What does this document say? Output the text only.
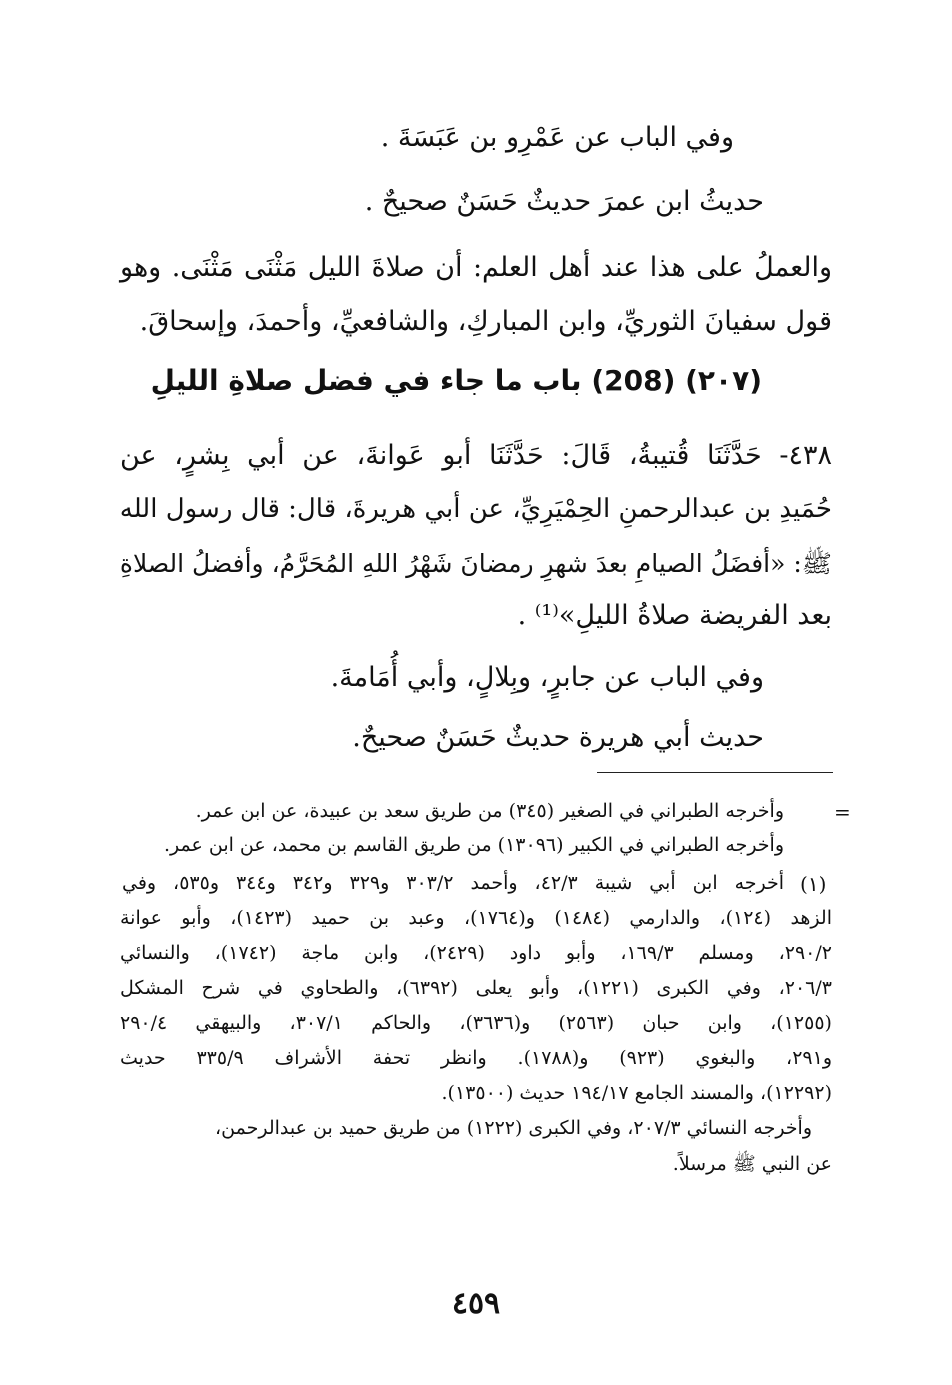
وفي الباب عن عَمْرِو بن عَبَسَةَ .
حديثُ ابن عمرَ حديثٌ حَسَنٌ صحيحٌ .
والعملُ على هذا عند أهل العلم: أن صلاةَ الليل مَثْنَى مَثْنَى. وهو
قول سفيانَ الثوريِّ، وابن المباركِ، والشافعيِّ، وأحمدَ، وإسحاقَ.
(٢٠٧) (208) باب ما جاء في فضل صلاةِ الليلِ
٤٣٨- حَدَّثَنَا قُتيبةُ، قَالَ: حَدَّثَنَا أبو عَوانةَ، عن أبي بِشرٍ، عن
حُمَيدِ بن عبدالرحمنِ الحِمْيَرِيِّ، عن أبي هريرةَ، قال: قال رسول الله
ﷺ: «أفضَلُ الصيامِ بعدَ شهرِ رمضانَ شَهْرُ اللهِ المُحَرَّمُ، وأفضلُ الصلاةِ
بعد الفريضة صلاةُ الليلِ»⁽¹⁾ .
وفي الباب عن جابرٍ، وبِلالٍ، وأبي أُمَامةَ.
حديث أبي هريرة حديثٌ حَسَنٌ صحيحٌ.
=
وأخرجه الطبراني في الصغير (٣٤٥) من طريق سعد بن عبيدة، عن ابن عمر.
وأخرجه الطبراني في الكبير (١٣٠٩٦) من طريق القاسم بن محمد، عن ابن عمر.
(١)
أخرجه ابن أبي شيبة ٤٢/٣، وأحمد ٣٠٣/٢ و٣٢٩ و٣٤٢ و٣٤٤ و٥٣٥، وفي
الزهد (١٢٤)، والدارمي (١٤٨٤) و(١٧٦٤)، وعبد بن حميد (١٤٢٣)، وأبو عوانة
٢٩٠/٢، ومسلم ١٦٩/٣، وأبو داود (٢٤٢٩)، وابن ماجة (١٧٤٢)، والنسائي
٢٠٦/٣، وفي الكبرى (١٢٢١)، وأبو يعلى (٦٣٩٢)، والطحاوي في شرح المشكل
(١٢٥٥)، وابن حبان (٢٥٦٣) و(٣٦٣٦)، والحاكم ٣٠٧/١، والبيهقي ٢٩٠/٤
و٢٩١، والبغوي (٩٢٣) و(١٧٨٨). وانظر تحفة الأشراف ٣٣٥/٩ حديث
(١٢٢٩٢)، والمسند الجامع ١٩٤/١٧ حديث (١٣٥٠٠).
وأخرجه النسائي ٢٠٧/٣، وفي الكبرى (١٢٢٢) من طريق حميد بن عبدالرحمن،
عن النبي ﷺ مرسلاً.
٤٥٩
